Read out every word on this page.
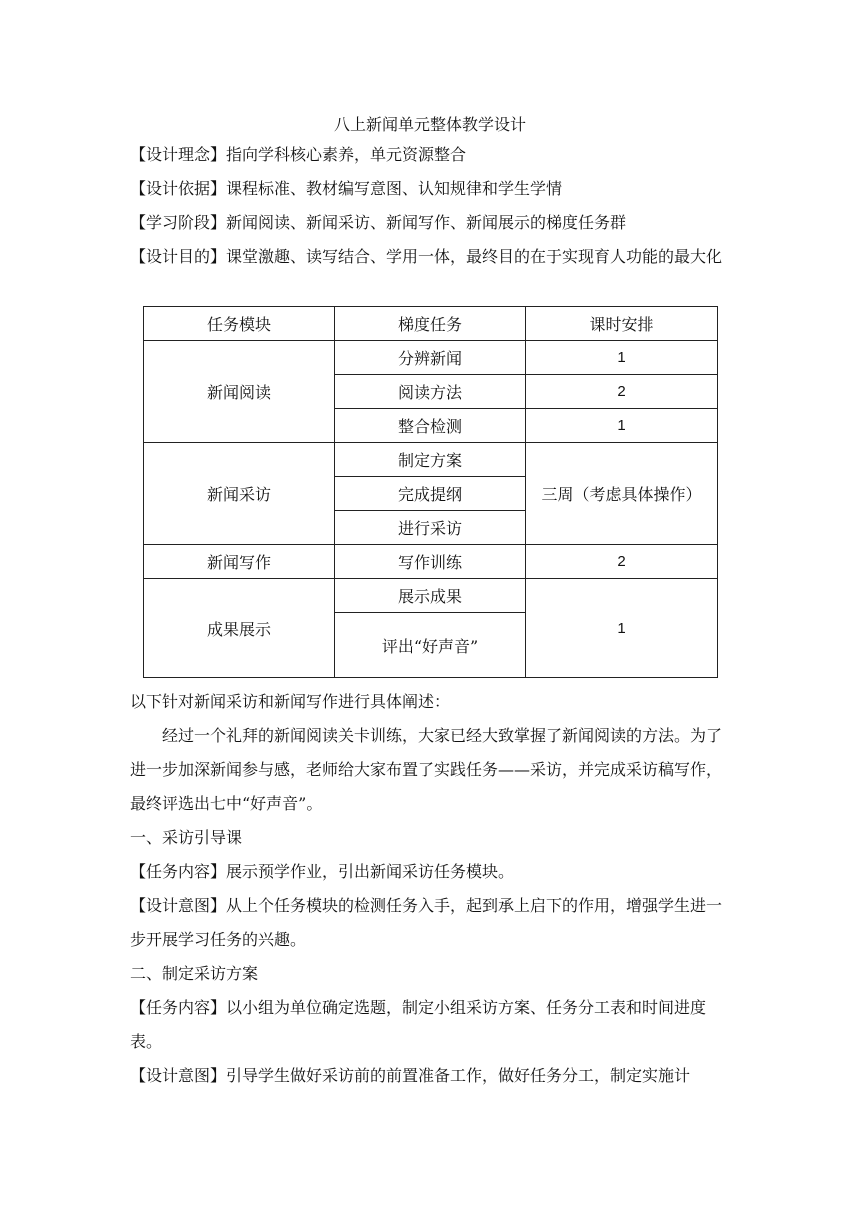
八上新闻单元整体教学设计
【设计理念】指向学科核心素养，单元资源整合
【设计依据】课程标准、教材编写意图、认知规律和学生学情
【学习阶段】新闻阅读、新闻采访、新闻写作、新闻展示的梯度任务群
【设计目的】课堂激趣、读写结合、学用一体，最终目的在于实现育人功能的最大化
任务模块	梯度任务	课时安排
新闻阅读	分辨新闻	1
	阅读方法	2
	整合检测	1
新闻采访	制定方案	三周（考虑具体操作）
	完成提纲	
	进行采访	
新闻写作	写作训练	2
成果展示	展示成果	1
	评出“好声音”	
以下针对新闻采访和新闻写作进行具体阐述：
经过一个礼拜的新闻阅读关卡训练，大家已经大致掌握了新闻阅读的方法。为了进一步加深新闻参与感，老师给大家布置了实践任务——采访，并完成采访稿写作，最终评选出七中“好声音”。
一、采访引导课
【任务内容】展示预学作业，引出新闻采访任务模块。
【设计意图】从上个任务模块的检测任务入手，起到承上启下的作用，增强学生进一步开展学习任务的兴趣。
二、制定采访方案
【任务内容】以小组为单位确定选题，制定小组采访方案、任务分工表和时间进度表。
【设计意图】引导学生做好采访前的前置准备工作，做好任务分工，制定实施计
